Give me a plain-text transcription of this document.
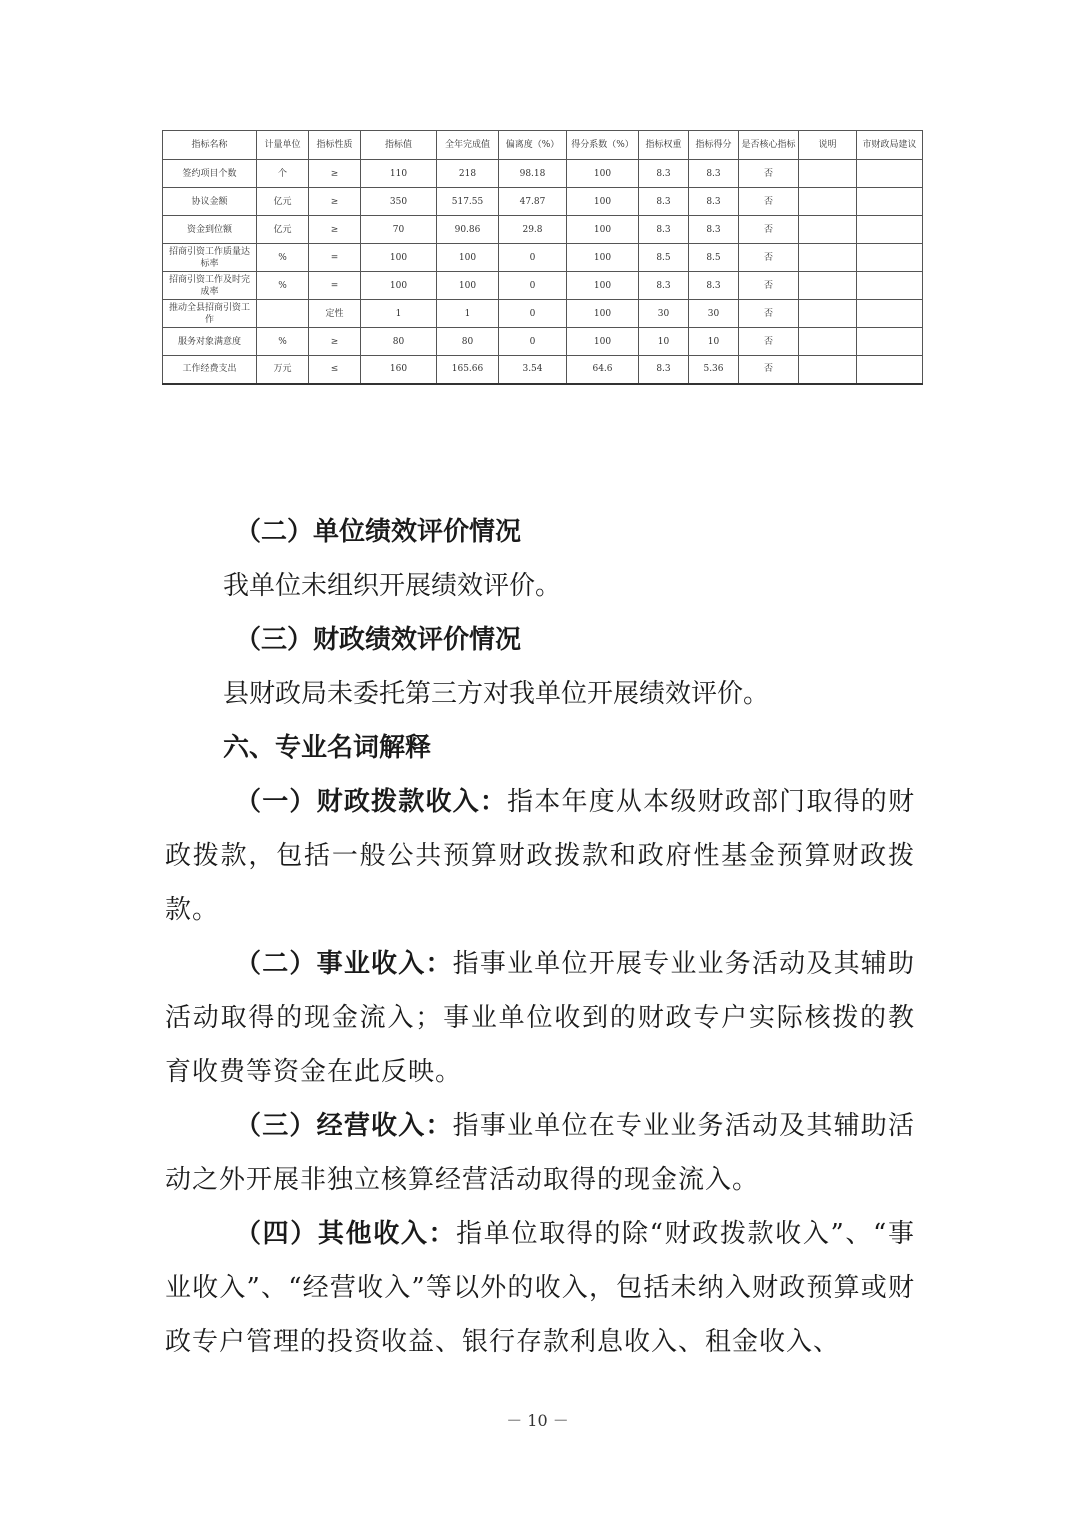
指标名称	计量单位	指标性质	指标值	全年完成值	偏离度（%）	得分系数（%）	指标权重	指标得分	是否核心指标	说明	市财政局建议
签约项目个数	个	≥	110	218	98.18	100	8.3	8.3	否		
协议金额	亿元	≥	350	517.55	47.87	100	8.3	8.3	否		
资金到位额	亿元	≥	70	90.86	29.8	100	8.3	8.3	否		
招商引资工作质量达标率	%	=	100	100	0	100	8.5	8.5	否		
招商引资工作及时完成率	%	=	100	100	0	100	8.3	8.3	否		
推动全县招商引资工作		定性	1	1	0	100	30	30	否		
服务对象满意度	%	≥	80	80	0	100	10	10	否		
工作经费支出	万元	≤	160	165.66	3.54	64.6	8.3	5.36	否		
（二）单位绩效评价情况
我单位未组织开展绩效评价。
（三）财政绩效评价情况
县财政局未委托第三方对我单位开展绩效评价。
六、专业名词解释
（一）财政拨款收入：指本年度从本级财政部门取得的财政拨款，包括一般公共预算财政拨款和政府性基金预算财政拨款。
（二）事业收入：指事业单位开展专业业务活动及其辅助活动取得的现金流入；事业单位收到的财政专户实际核拨的教育收费等资金在此反映。
（三）经营收入：指事业单位在专业业务活动及其辅助活动之外开展非独立核算经营活动取得的现金流入。
（四）其他收入：指单位取得的除“财政拨款收入”、“事业收入”、“经营收入”等以外的收入，包括未纳入财政预算或财政专户管理的投资收益、银行存款利息收入、租金收入、
－ 10 －
